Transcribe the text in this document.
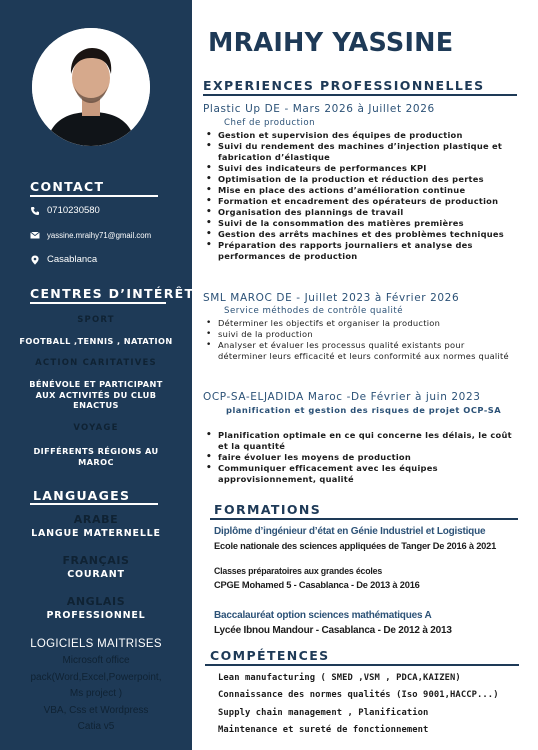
CONTACT
0710230580
yassine.mraihy71@gmail.com
Casablanca
CENTRES D’INTÉRÊT
SPORT
FOOTBALL ,TENNIS , NATATION
ACTION CARITATIVES
BÉNÉVOLE ET PARTICIPANT
AUX ACTIVITÉS DU CLUB
ENACTUS
VOYAGE
DIFFÉRENTS RÉGIONS AU
MAROC
LANGUAGES
ARABE
LANGUE MATERNELLE
FRANÇAIS
COURANT
ANGLAIS
PROFESSIONNEL
LOGICIELS MAITRISES
Microsoft office
pack(Word,Excel,Powerpoint,
Ms project )
VBA, Css et Wordpress
Catia v5
MRAIHY YASSINE
EXPERIENCES PROFESSIONNELLES
Plastic Up DE - Mars 2026 à Juillet 2026
Chef de production
• Gestion et supervision des équipes de production
• Suivi du rendement des machines d’injection plastique et fabrication d’élastique
• Suivi des indicateurs de performances KPI
• Optimisation de la production et réduction des pertes
• Mise en place des actions d’amélioration continue
• Formation et encadrement des opérateurs de production
• Organisation des plannings de travail
• Suivi de la consommation des matières premières
• Gestion des arrêts machines et des problèmes techniques
• Préparation des rapports journaliers et analyse des performances de production
SML MAROC DE - Juillet 2023 à Février 2026
Service méthodes de contrôle qualité
• Déterminer les objectifs et organiser la production
• suivi de la production
• Analyser et évaluer les processus qualité existants pour déterminer leurs efficacité et leurs conformité aux normes qualité
OCP-SA-ELJADIDA Maroc -De Février à juin 2023
planification et gestion des risques de projet OCP-SA
• Planification optimale en ce qui concerne les délais, le coût et la quantité
• faire évoluer les moyens de production
• Communiquer efficacement avec les équipes approvisionnement, qualité
FORMATIONS
Diplôme d’ingénieur d’état en Génie Industriel et Logistique
Ecole nationale des sciences appliquées de Tanger De 2016 à 2021
Classes préparatoires aux grandes écoles
CPGE Mohamed 5 - Casablanca - De 2013 à 2016
Baccalauréat option sciences mathématiques A
Lycée Ibnou Mandour - Casablanca - De 2012 à 2013
COMPÉTENCES
Lean manufacturing ( SMED ,VSM , PDCA,KAIZEN)
Connaissance des normes qualités (Iso 9001,HACCP...)
Supply chain management , Planification
Maintenance et sureté de fonctionnement
